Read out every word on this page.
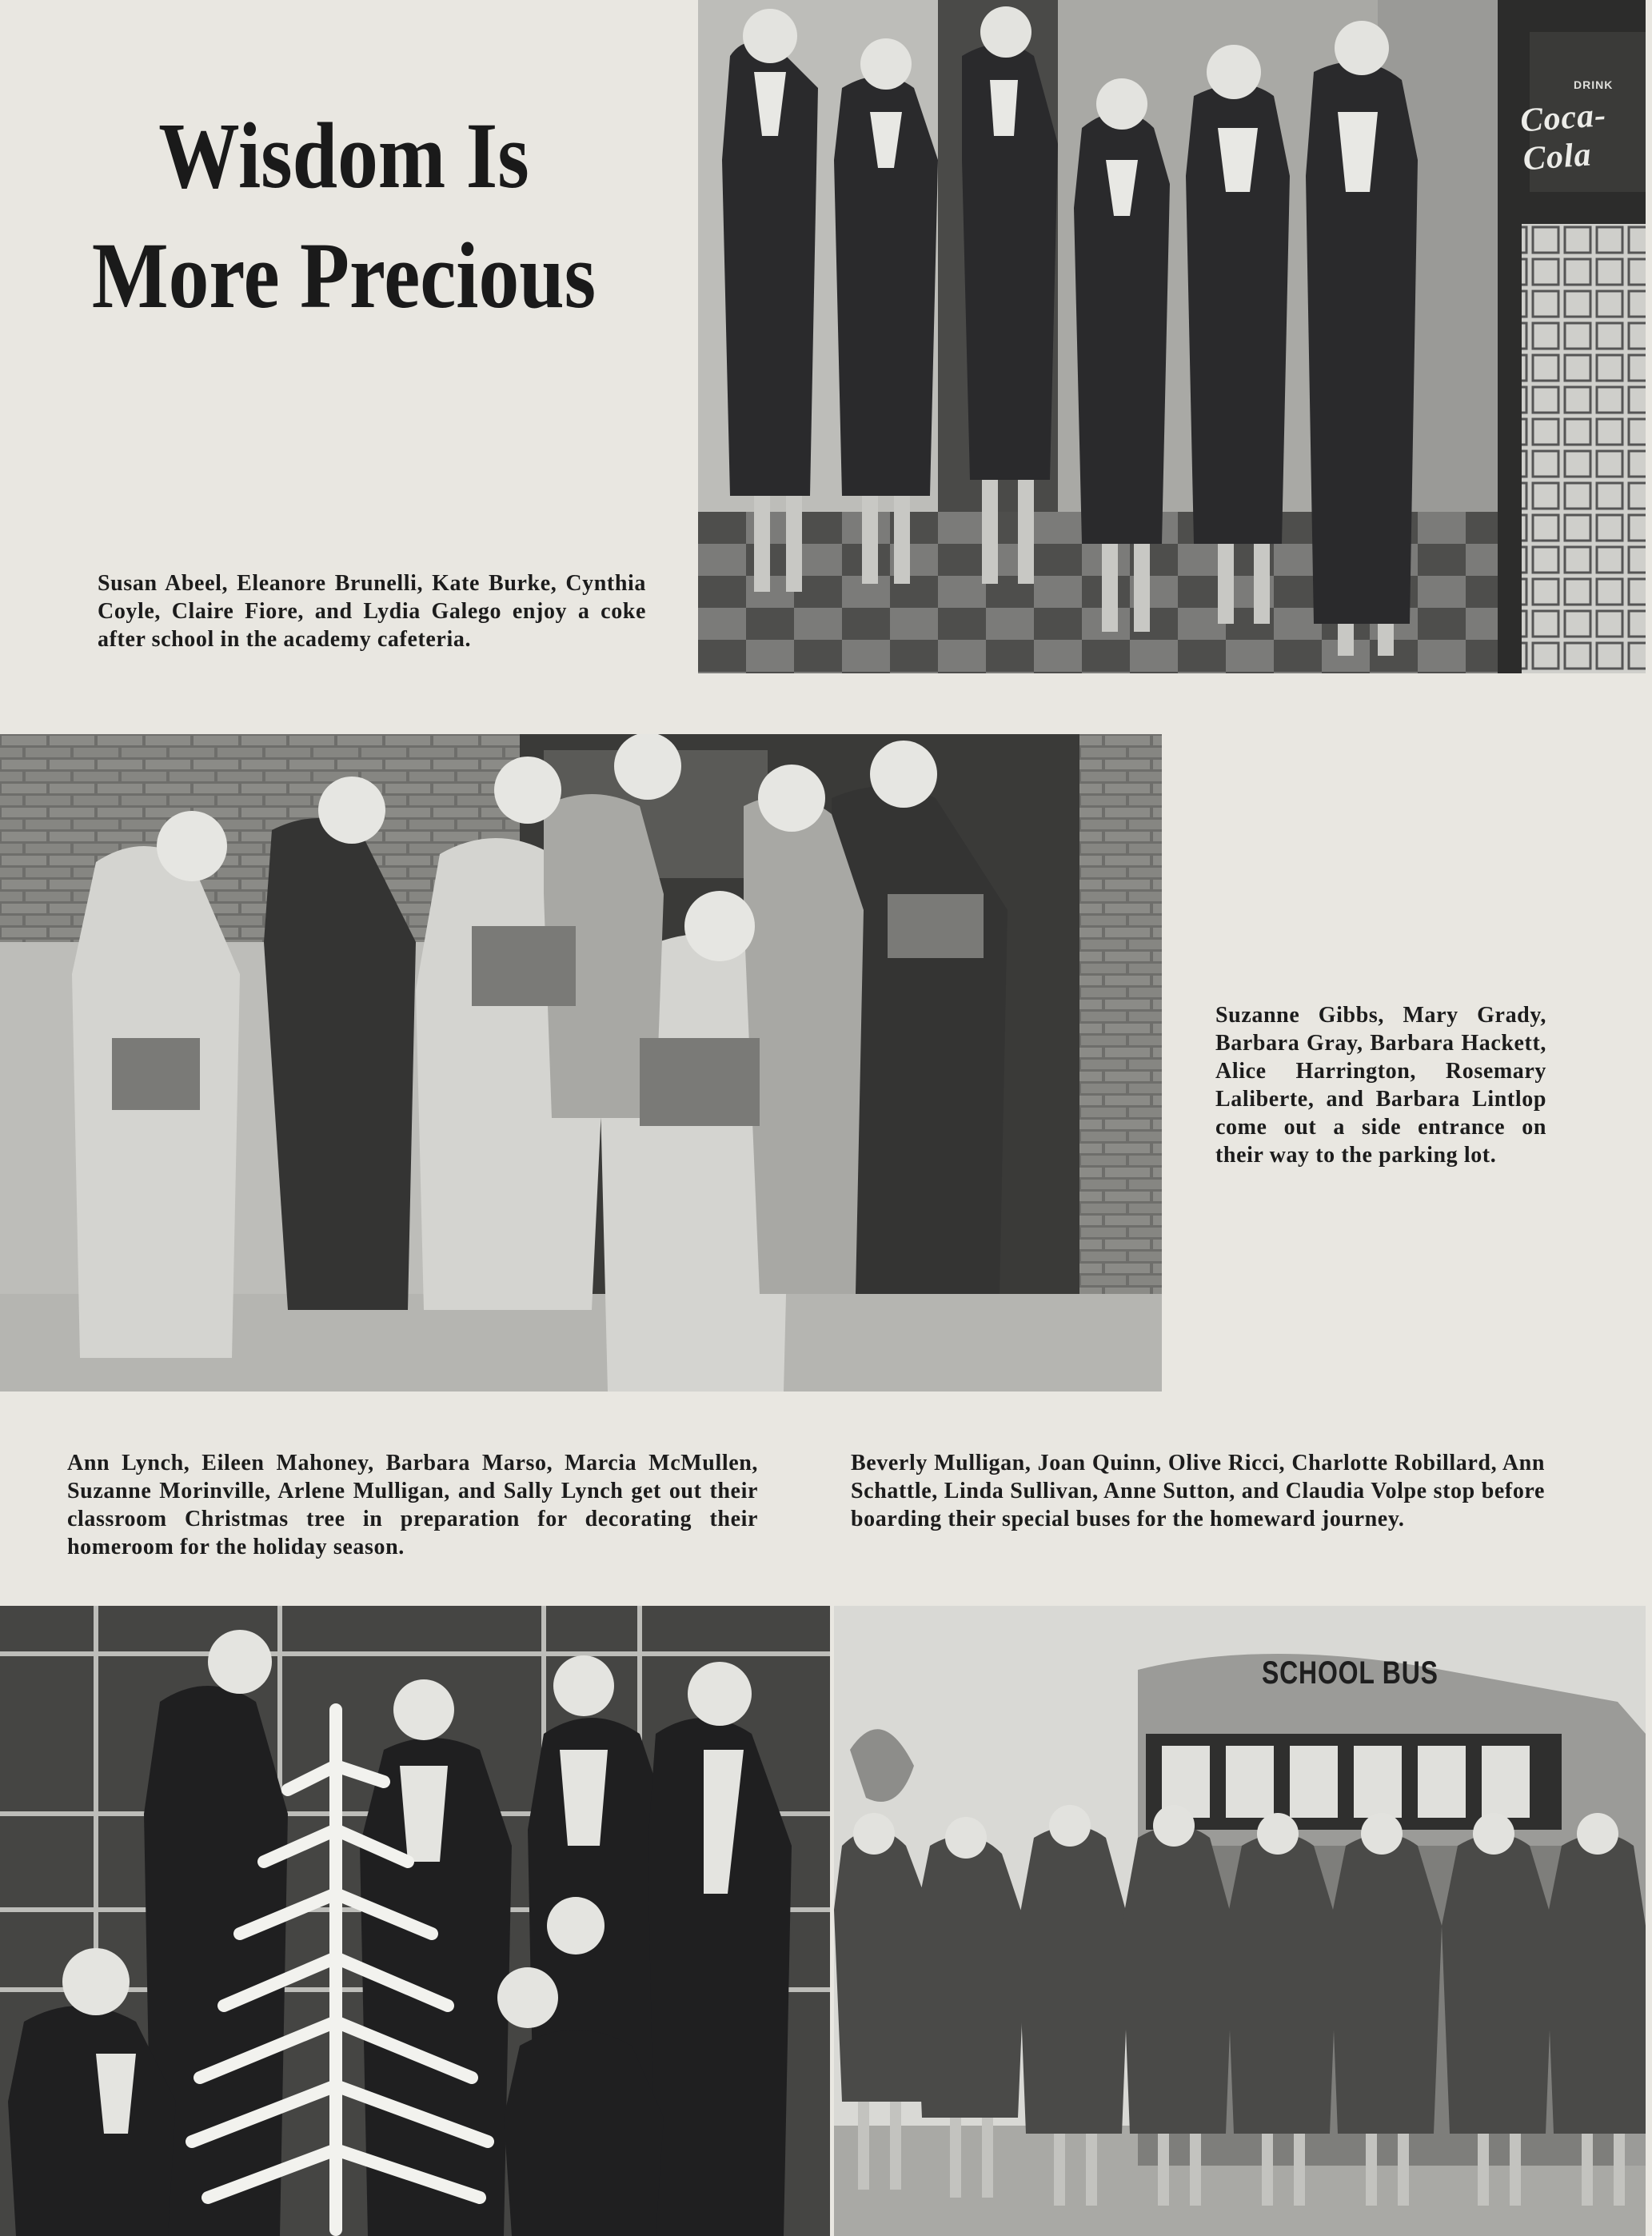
Wisdom Is
More Precious
DRINK
Coca-Cola
Susan Abeel, Eleanore Brunelli, Kate Burke, Cynthia Coyle, Claire Fiore, and Lydia Galego enjoy a coke after school in the academy cafeteria.
Suzanne Gibbs, Mary Grady, Barbara Gray, Barbara Hackett, Alice Harrington, Rosemary Laliberte, and Barbara Lintlop come out a side entrance on their way to the parking lot.
Ann Lynch, Eileen Mahoney, Barbara Marso, Marcia McMullen, Suzanne Morinville, Arlene Mulligan, and Sally Lynch get out their classroom Christmas tree in preparation for decorating their homeroom for the holiday season.
Beverly Mulligan, Joan Quinn, Olive Ricci, Charlotte Robillard, Ann Schattle, Linda Sullivan, Anne Sutton, and Claudia Volpe stop before boarding their special buses for the homeward journey.
SCHOOL BUS
